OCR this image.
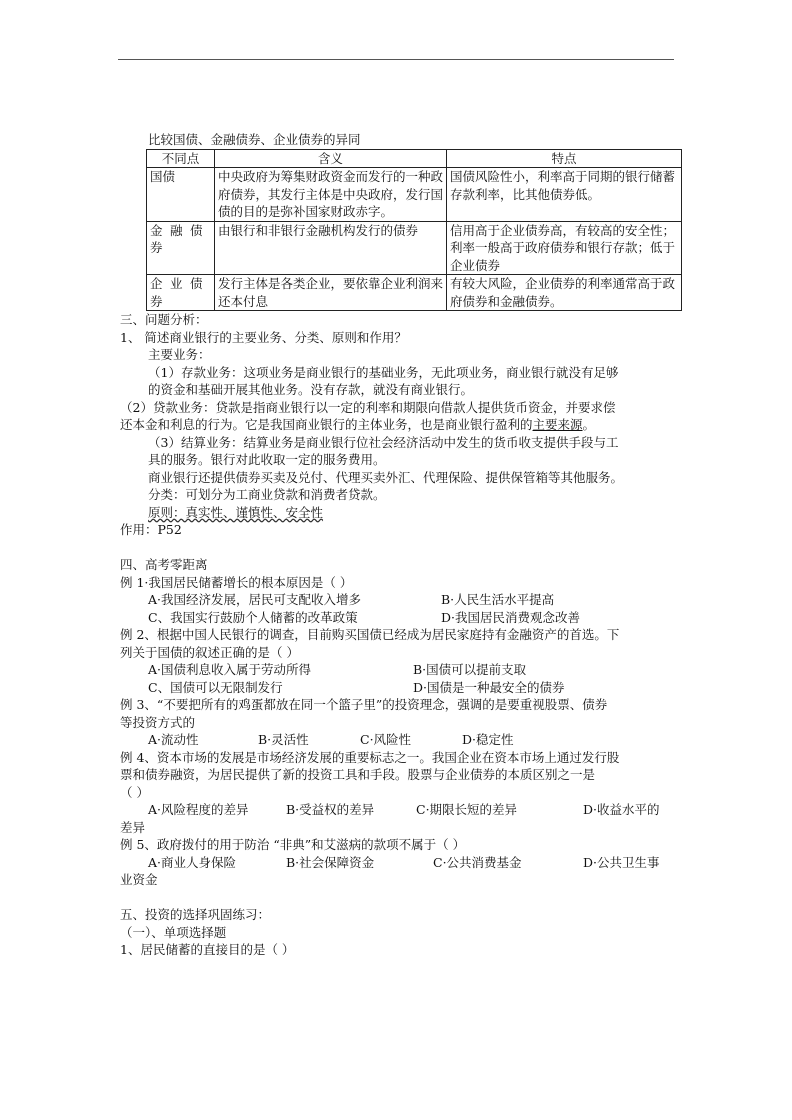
比较国债、金融债券、企业债券的异同
不同点	含义	特点
国债	中央政府为筹集财政资金而发行的一种政府债券，其发行主体是中央政府，发行国债的目的是弥补国家财政赤字。	国债风险性小，利率高于同期的银行储蓄存款利率，比其他债券低。
金融债券	由银行和非银行金融机构发行的债券	信用高于企业债券高，有较高的安全性；利率一般高于政府债券和银行存款；低于企业债券
企业债券	发行主体是各类企业，要依靠企业利润来还本付息	有较大风险，企业债券的利率通常高于政府债券和金融债券。
三、问题分析：
1、 简述商业银行的主要业务、分类、原则和作用？
主要业务：
（1）存款业务：这项业务是商业银行的基础业务，无此项业务，商业银行就没有足够
的资金和基础开展其他业务。没有存款，就没有商业银行。
（2）贷款业务：贷款是指商业银行以一定的利率和期限向借款人提供货币资金，并要求偿
还本金和利息的行为。它是我国商业银行的主体业务，也是商业银行盈利的主要来源。
（3）结算业务：结算业务是商业银行位社会经济活动中发生的货币收支提供手段与工
具的服务。银行对此收取一定的服务费用。
商业银行还提供债券买卖及兑付、代理买卖外汇、代理保险、提供保管箱等其他服务。
分类：可划分为工商业贷款和消费者贷款。
原则：真实性、谨慎性、安全性
作用：P52
四、高考零距离
例 1·我国居民储蓄增长的根本原因是（ ）
A·我国经济发展，居民可支配收入增多	B·人民生活水平提高
C、我国实行鼓励个人储蓄的改革政策	D·我国居民消费观念改善
例 2、根据中国人民银行的调查，目前购买国债已经成为居民家庭持有金融资产的首选。下
列关于国债的叙述正确的是（ ）
A·国债利息收入属于劳动所得	B·国债可以提前支取
C、国债可以无限制发行	D·国债是一种最安全的债券
例 3、“不要把所有的鸡蛋都放在同一个篮子里”的投资理念，强调的是要重视股票、债券
等投资方式的
A·流动性	B·灵活性	C·风险性	D·稳定性
例 4、资本市场的发展是市场经济发展的重要标志之一。我国企业在资本市场上通过发行股
票和债券融资，为居民提供了新的投资工具和手段。股票与企业债券的本质区别之一是
（ ）
A·风险程度的差异	B·受益权的差异	C·期限长短的差异	D·收益水平的
差异
例 5、政府拨付的用于防治 “非典”和艾滋病的款项不属于（ ）
A·商业人身保险	B·社会保障资金	C·公共消费基金	D·公共卫生事
业资金
五、投资的选择巩固练习：
（一）、单项选择题
1、居民储蓄的直接目的是（ ）
